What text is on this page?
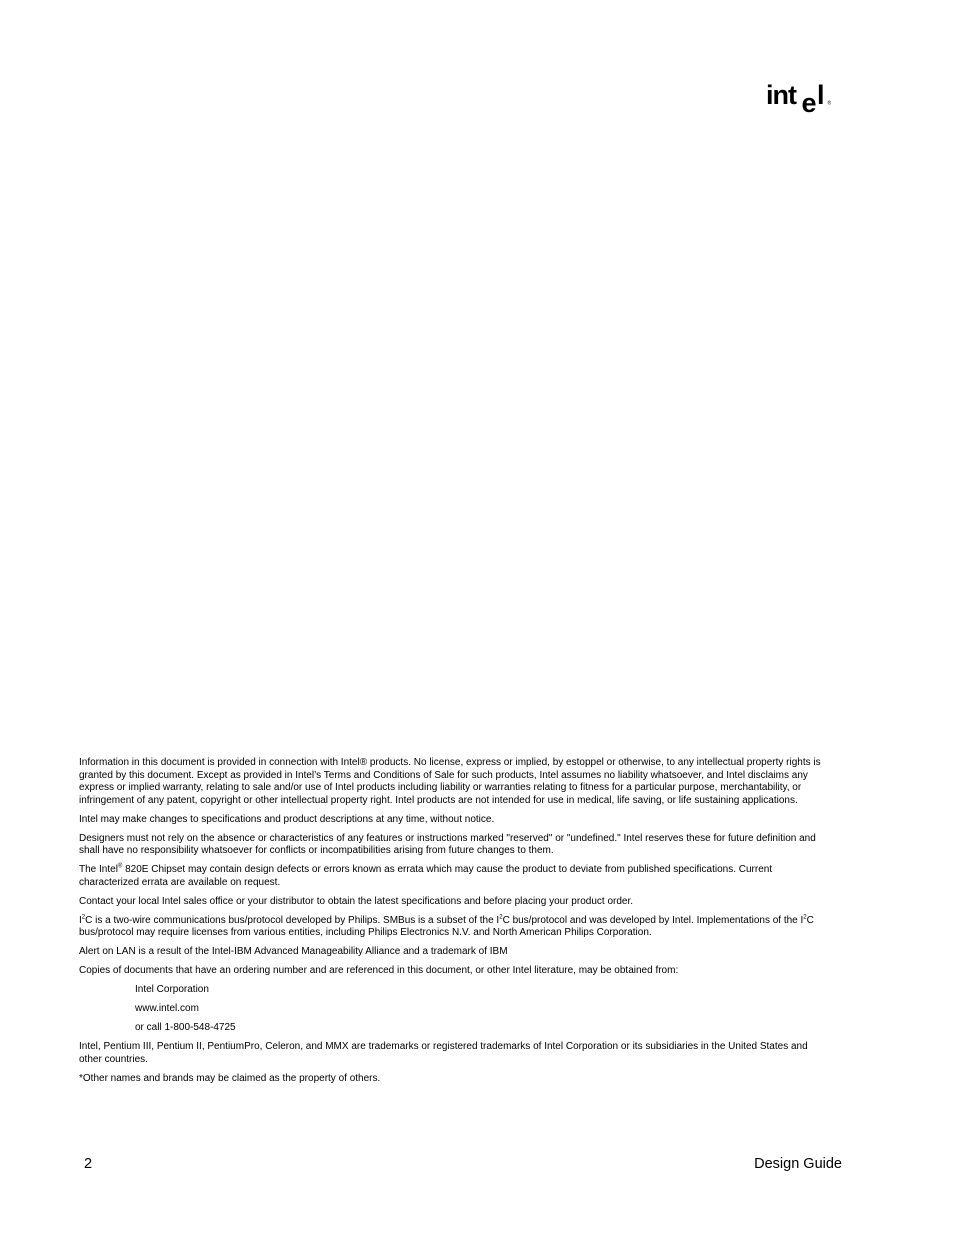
int e l ®

Information in this document is provided in connection with Intel® products. No license, express or implied, by estoppel or otherwise, to any intellectual property rights is granted by this document. Except as provided in Intel’s Terms and Conditions of Sale for such products, Intel assumes no liability whatsoever, and Intel disclaims any express or implied warranty, relating to sale and/or use of Intel products including liability or warranties relating to fitness for a particular purpose, merchantability, or infringement of any patent, copyright or other intellectual property right. Intel products are not intended for use in medical, life saving, or life sustaining applications.

Intel may make changes to specifications and product descriptions at any time, without notice.

Designers must not rely on the absence or characteristics of any features or instructions marked "reserved" or "undefined." Intel reserves these for future definition and shall have no responsibility whatsoever for conflicts or incompatibilities arising from future changes to them.

The Intel® 820E Chipset may contain design defects or errors known as errata which may cause the product to deviate from published specifications. Current characterized errata are available on request.

Contact your local Intel sales office or your distributor to obtain the latest specifications and before placing your product order.

$I^2C$ is a two-wire communications bus/protocol developed by Philips. SMBus is a subset of the $I^2C$ bus/protocol and was developed by Intel. Implementations of the $I^2C$ bus/protocol may require licenses from various entities, including Philips Electronics N.V. and North American Philips Corporation.

Alert on LAN is a result of the Intel-IBM Advanced Manageability Alliance and a trademark of IBM

Copies of documents that have an ordering number and are referenced in this document, or other Intel literature, may be obtained from:

Intel Corporation

www.intel.com

or call 1-800-548-4725

Intel, Pentium III, Pentium II, PentiumPro, Celeron, and MMX are trademarks or registered trademarks of Intel Corporation or its subsidiaries in the United States and other countries.

*Other names and brands may be claimed as the property of others.

2	Design Guide
